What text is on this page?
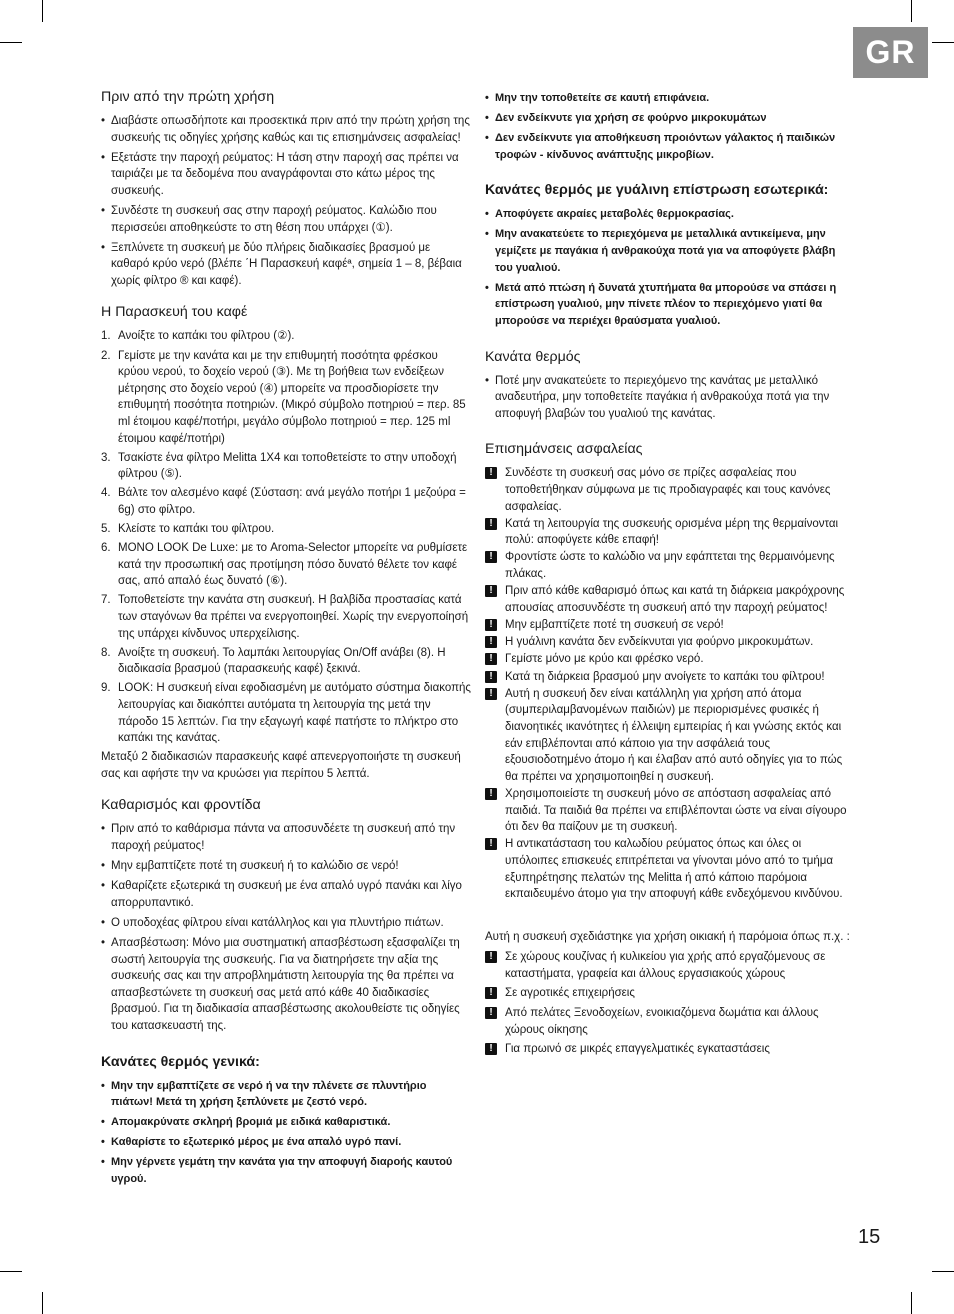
GR
15
Πριν από την πρώτη χρήση
• Διαβάστε οπωσδήποτε και προσεκτικά πριν από την πρώτη χρήση της συσκευής τις οδηγίες χρήσης καθώς και τις επισημάνσεις ασφαλείας!
• Εξετάστε την παροχή ρεύματος: Η τάση στην παροχή σας πρέπει να ταιριάζει με τα δεδομένα που αναγράφονται στο κάτω μέρος της συσκευής.
• Συνδέστε τη συσκευή σας στην παροχή ρεύματος. Καλώδιο που περισσεύει αποθηκεύστε το στη θέση που υπάρχει (①).
• Ξεπλύνετε τη συσκευή με δύο πλήρεις διαδικασίες βρασμού με καθαρό κρύο νερό (βλέπε ΄Η Παρασκευή καφέª, σημεία 1 – 8, βέβαια χωρίς φίλτρο ® και καφέ).
Η Παρασκευή του καφέ
1. Ανοίξτε το καπάκι του φίλτρου (②).
2. Γεμίστε με την κανάτα και με την επιθυμητή ποσότητα φρέσκου κρύου νερού, το δοχείο νερού (③). Με τη βοήθεια των ενδείξεων μέτρησης στο δοχείο νερού (④) μπορείτε να προσδιορίσετε την επιθυμητή ποσότητα ποτηριών. (Μικρό σύμβολο ποτηριού = περ. 85 ml έτοιμου καφέ/ποτήρι, μεγάλο σύμβολο ποτηριού = περ. 125 ml έτοιμου καφέ/ποτήρι)
3. Τσακίστε ένα φίλτρο Melitta 1X4 και τοποθετείστε το στην υποδοχή φίλτρου (⑤).
4. Βάλτε τον αλεσμένο καφέ (Σύσταση: ανά μεγάλο ποτήρι 1 μεζούρα = 6g) στο φίλτρο.
5. Κλείστε το καπάκι του φίλτρου.
6. MONO LOOK De Luxe: με το Aroma-Selector μπορείτε να ρυθμίσετε κατά την προσωπική σας προτίμηση πόσο δυνατό θέλετε τον καφέ σας, από απαλό έως δυνατό (⑥).
7. Τοποθετείστε την κανάτα στη συσκευή. Η βαλβίδα προστασίας κατά των σταγόνων θα πρέπει να ενεργοποιηθεί. Χωρίς την ενεργοποίησή της υπάρχει κίνδυνος υπερχείλισης.
8. Ανοίξτε τη συσκευή. Το λαμπάκι λειτουργίας On/Off ανάβει (8). Η διαδικασία βρασμού (παρασκευής καφέ) ξεκινά.
9. LOOK: Η συσκευή είναι εφοδιασμένη με αυτόματο σύστημα διακοπής λειτουργίας και διακόπτει αυτόματα τη λειτουργία της μετά την πάροδο 15 λεπτών. Για την εξαγωγή καφέ πατήστε το πλήκτρο στο καπάκι της κανάτας.

Μεταξύ 2 διαδικασιών παρασκευής καφέ απενεργοποιήστε τη συσκευή σας και αφήστε την να κρυώσει για περίπου 5 λεπτά.

Καθαρισμός και φροντίδα
• Πριν από το καθάρισμα πάντα να αποσυνδέετε τη συσκευή από την παροχή ρεύματος!
• Μην εμβαπτίζετε ποτέ τη συσκευή ή το καλώδιο σε νερό!
• Καθαρίζετε εξωτερικά τη συσκευή με ένα απαλό υγρό πανάκι και λίγο απορρυπαντικό.
• Ο υποδοχέας φίλτρου είναι κατάλληλος και για πλυντήριο πιάτων.
• Απασβέστωση: Μόνο μια συστηματική απασβέστωση εξασφαλίζει τη σωστή λειτουργία της συσκευής. Για να διατηρήσετε την αξία της συσκευής σας και την απροβλημάτιστη λειτουργία της θα πρέπει να απασβεστώνετε τη συσκευή σας μετά από κάθε 40 διαδικασίες βρασμού. Για τη διαδικασία απασβέστωσης ακολουθείστε τις οδηγίες του κατασκευαστή της.
Κανάτες θερμός γενικά:
• Μην την εμβαπτίζετε σε νερό ή να την πλένετε σε πλυντήριο πιάτων! Μετά τη χρήση ξεπλύνετε με ζεστό νερό.
• Απομακρύνατε σκληρή βρομιά με ειδικά καθαριστικά.
• Καθαρίστε το εξωτερικό μέρος με ένα απαλό υγρό πανί.
• Μην γέρνετε γεμάτη την κανάτα για την αποφυγή διαροής καυτού υγρού.
• Μην την τοποθετείτε σε καυτή επιφάνεια.
• Δεν ενδείκνυτε για χρήση σε φούρνο μικροκυμάτων
• Δεν ενδείκνυτε για αποθήκευση προιόντων γάλακτος ή παιδικών τροφών - κίνδυνος ανάπτυξης μικροβίων.
Κανάτες θερμός με γυάλινη επίστρωση εσωτερικά:
• Αποφύγετε ακραίες μεταβολές θερμοκρασίας.
• Μην ανακατεύετε το περιεχόμενα με μεταλλικά αντικείμενα, μην γεμίζετε με παγάκια ή ανθρακούχα ποτά για να αποφύγετε βλάβη του γυαλιού.
• Μετά από πτώση ή δυνατά χτυπήματα θα μπορούσε να σπάσει η επίστρωση γυαλιού, μην πίνετε πλέον το περιεχόμενο γιατί θα μπορούσε να περιέχει θραύσματα γυαλιού.
Κανάτα θερμός
• Ποτέ μην ανακατεύετε το περιεχόμενο της κανάτας με μεταλλικό αναδευτήρα, μην τοποθετείτε παγάκια ή ανθρακούχα ποτά για την αποφυγή βλαβών του γυαλιού της κανάτας.
Επισημάνσεις ασφαλείας
!	Συνδέστε τη συσκευή σας μόνο σε πρίζες ασφαλείας που τοποθετήθηκαν σύμφωνα με τις προδιαγραφές και τους κανόνες ασφαλείας.
!	Κατά τη λειτουργία της συσκευής ορισμένα μέρη της θερμαίνονται πολύ: αποφύγετε κάθε επαφή!
!	Φροντίστε ώστε το καλώδιο να μην εφάπτεται της θερμαινόμενης πλάκας.
!	Πριν από κάθε καθαρισμό όπως και κατά τη διάρκεια μακρόχρονης απουσίας αποσυνδέστε τη συσκευή από την παροχή ρεύματος!
!	Μην εμβαπτίζετε ποτέ τη συσκευή σε νερό!
!	Η γυάλινη κανάτα δεν ενδείκνυται για φούρνο μικροκυμάτων.
!	Γεμίστε μόνο με κρύο και φρέσκο νερό.
!	Κατά τη διάρκεια βρασμού μην ανοίγετε το καπάκι του φίλτρου!
!	Αυτή η συσκευή δεν είναι κατάλληλη για χρήση από άτομα (συμπεριλαμβανομένων παιδιών) με περιορισμένες φυσικές ή διανοητικές ικανότητες ή έλλειψη εμπειρίας ή και γνώσης εκτός και εάν επιβλέπονται από κάποιο για την ασφάλειά τους εξουσιοδοτημένο άτομο ή και έλαβαν από αυτό οδηγίες για το πώς θα πρέπει να χρησιμοποιηθεί η συσκευή.
!	Χρησιμοποιείστε τη συσκευή μόνο σε απόσταση ασφαλείας από παιδιά. Τα παιδιά θα πρέπει να επιβλέπονται ώστε να είναι σίγουρο ότι δεν θα παίζουν με τη συσκευή.
!	Η αντικατάσταση του καλωδίου ρεύματος όπως και όλες οι υπόλοιπες επισκευές επιτρέπεται να γίνονται μόνο από το τμήμα εξυπηρέτησης πελατών της Melitta ή από κάποιο παρόμοια εκπαιδευμένο άτομο για την αποφυγή κάθε ενδεχόμενου κινδύνου.

Αυτή η συσκευή σχεδιάστηκε για χρήση οικιακή ή παρόμοια όπως π.χ. :

!	Σε χώρους κουζίνας ή κυλικείου για χρής από εργαζόμενους σε καταστήματα, γραφεία και άλλους εργασιακούς χώρους
!	Σε αγροτικές επιχειρήσεις
!	Από πελάτες Ξενοδοχείων, ενοικιαζόμενα δωμάτια και άλλους χώρους οίκησης
!	Για πρωινό σε μικρές επαγγελματικές εγκαταστάσεις
